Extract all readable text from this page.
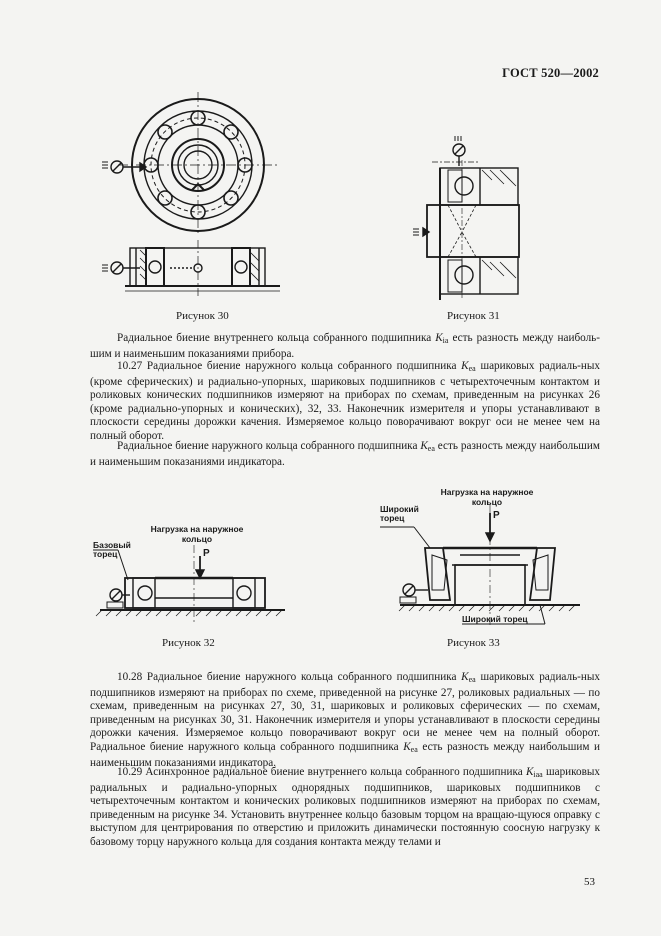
ГОСТ 520—2002
Рисунок 30	Рисунок 31

Радиальное биение внутреннего кольца собранного подшипника $K_{ia}$ есть разность между наиболь-шим и наименьшим показаниями прибора.

10.27 Радиальное биение наружного кольца собранного подшипника $K_{ea}$ шариковых радиаль-ных (кроме сферических) и радиально-упорных, шариковых подшипников с четырехточечным контактом и роликовых конических подшипников измеряют на приборах по схемам, приведенным на рисунках 26 (кроме радиально-упорных и конических), 32, 33. Наконечник измерителя и упоры устанавливают в плоскости середины дорожки качения. Измеряемое кольцо поворачивают вокруг оси не менее чем на полный оборот.

Радиальное биение наружного кольца собранного подшипника $K_{ea}$ есть разность между наибольшим и наименьшим показаниями индикатора.

Нагрузка на наружное кольцо
P
Базовый торец
Нагрузка на наружное кольцо
P
Широкий торец
Широкий торец
Рисунок 32	Рисунок 33

10.28 Радиальное биение наружного кольца собранного подшипника $K_{ea}$ шариковых радиаль-ных подшипников измеряют на приборах по схеме, приведенной на рисунке 27, роликовых радиальных — по схемам, приведенным на рисунках 27, 30, 31, шариковых и роликовых сферических — по схемам, приведенным на рисунках 30, 31. Наконечник измерителя и упоры устанавливают в плоскости середины дорожки качения. Измеряемое кольцо поворачивают вокруг оси не менее чем на полный оборот. Радиальное биение наружного кольца собранного подшипника $K_{ea}$ есть разность между наибольшим и наименьшим показаниями индикатора.

10.29 Асинхронное радиальное биение внутреннего кольца собранного подшипника $K_{iaa}$ шариковых радиальных и радиально-упорных однорядных подшипников, шариковых подшипников с четырехточечным контактом и конических роликовых подшипников измеряют на приборах по схемам, приведенным на рисунке 34. Установить внутреннее кольцо базовым торцом на вращаю-щуюся оправку с выступом для центрирования по отверстию и приложить динамически постоянную соосную нагрузку к базовому торцу наружного кольца для создания контакта между телами и

53
